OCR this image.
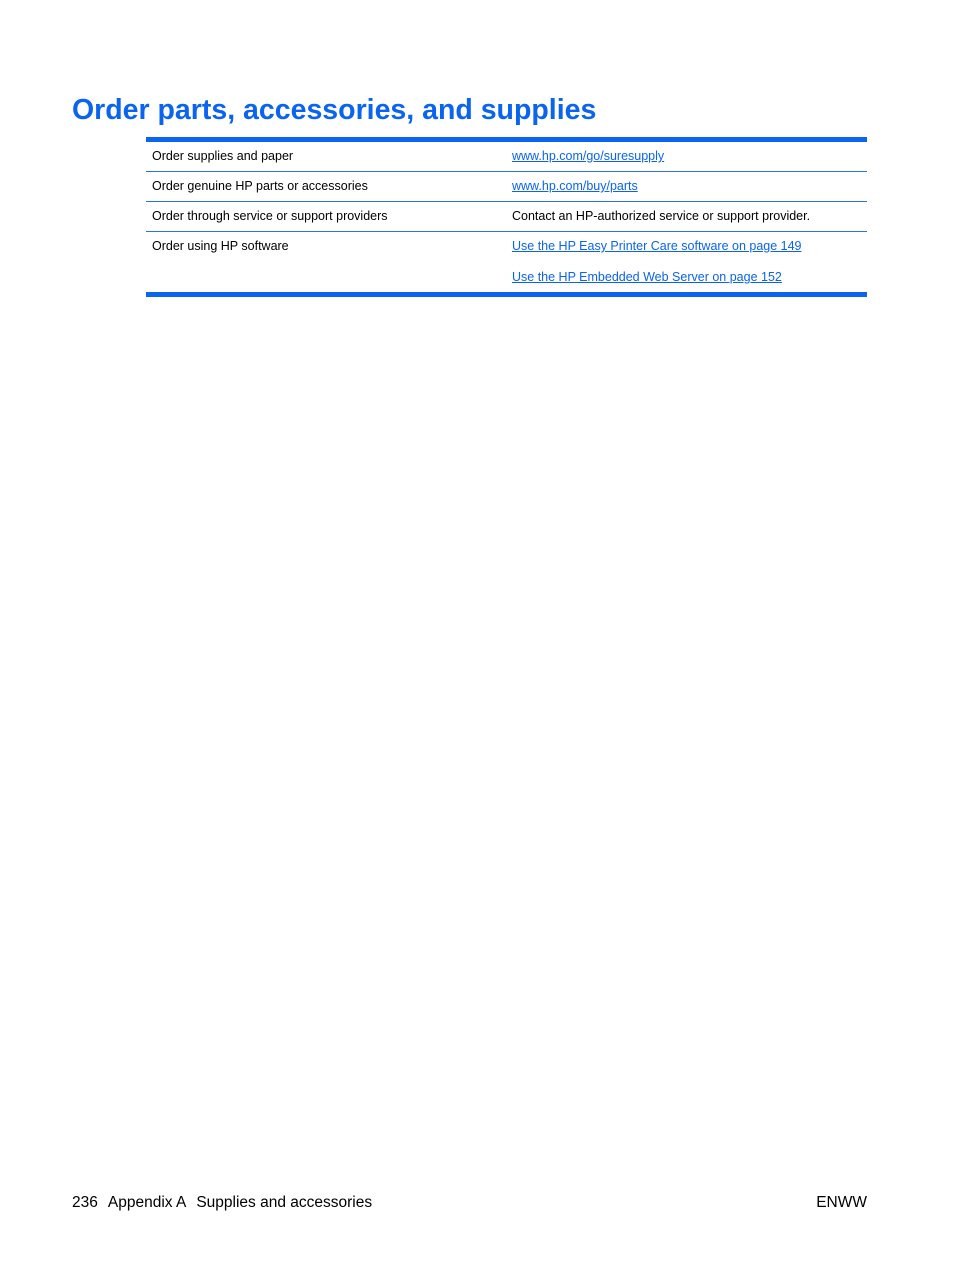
Order parts, accessories, and supplies
Order supplies and paper	www.hp.com/go/suresupply
Order genuine HP parts or accessories	www.hp.com/buy/parts
Order through service or support providers	Contact an HP-authorized service or support provider.
Order using HP software	Use the HP Easy Printer Care software on page 149
Use the HP Embedded Web Server on page 152
236 Appendix A Supplies and accessories	ENWW
